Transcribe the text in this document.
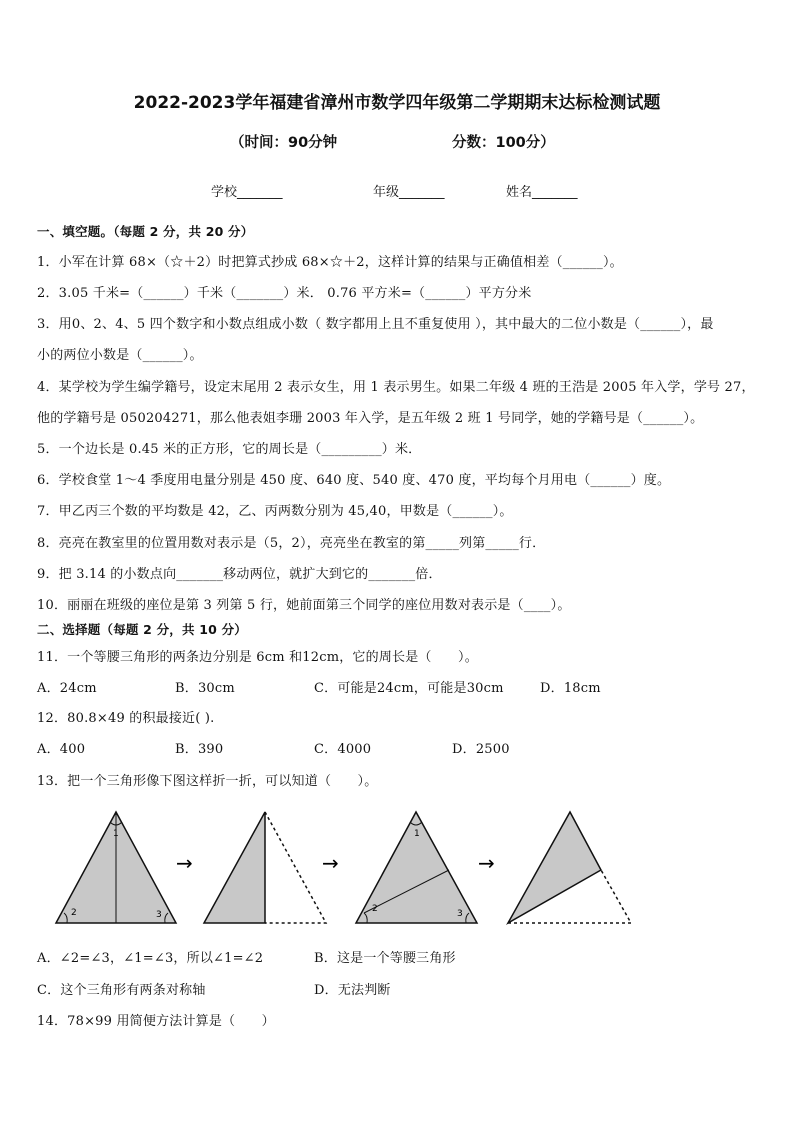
2022-2023学年福建省漳州市数学四年级第二学期期末达标检测试题
（时间：90分钟	分数：100分）
学校_______	年级_______	姓名_______
一、填空题。（每题 2 分，共 20 分）
1．小军在计算 68×（☆＋2）时把算式抄成 68×☆＋2，这样计算的结果与正确值相差（______）。
2．3.05 千米=（______）千米（_______）米． 0.76 平方米=（______）平方分米
3．用0、2、4、5 四个数字和小数点组成小数（ 数字都用上且不重复使用 ），其中最大的二位小数是（______），最
小的两位小数是（______）。
4．某学校为学生编学籍号，设定末尾用 2 表示女生，用 1 表示男生。如果二年级 4 班的王浩是 2005 年入学，学号 27，
他的学籍号是 050204271，那么他表姐李珊 2003 年入学，是五年级 2 班 1 号同学，她的学籍号是（______）。
5．一个边长是 0.45 米的正方形，它的周长是（_________）米．
6．学校食堂 1～4 季度用电量分别是 450 度、640 度、540 度、470 度，平均每个月用电（______）度。
7．甲乙丙三个数的平均数是 42，乙、丙两数分别为 45,40，甲数是（______）。
8．亮亮在教室里的位置用数对表示是（5，2），亮亮坐在教室的第_____列第_____行．
9．把 3.14 的小数点向_______移动两位，就扩大到它的_______倍．
10．丽丽在班级的座位是第 3 列第 5 行，她前面第三个同学的座位用数对表示是（____）。
二、选择题（每题 2 分，共 10 分）
11．一个等腰三角形的两条边分别是 6cm 和12cm，它的周长是（　　）。
A．24cm	B．30cm	C．可能是24cm，可能是30cm	D．18cm
12．80.8×49 的积最接近( ).
A．400	B．390	C．4000	D．2500
13．把一个三角形像下图这样折一折，可以知道（　　）。
1
2	3
→	→
1
2	3
→
A．∠2=∠3，∠1=∠3，所以∠1=∠2	B．这是一个等腰三角形
C．这个三角形有两条对称轴	D．无法判断
14．78×99 用简便方法计算是（　　）
